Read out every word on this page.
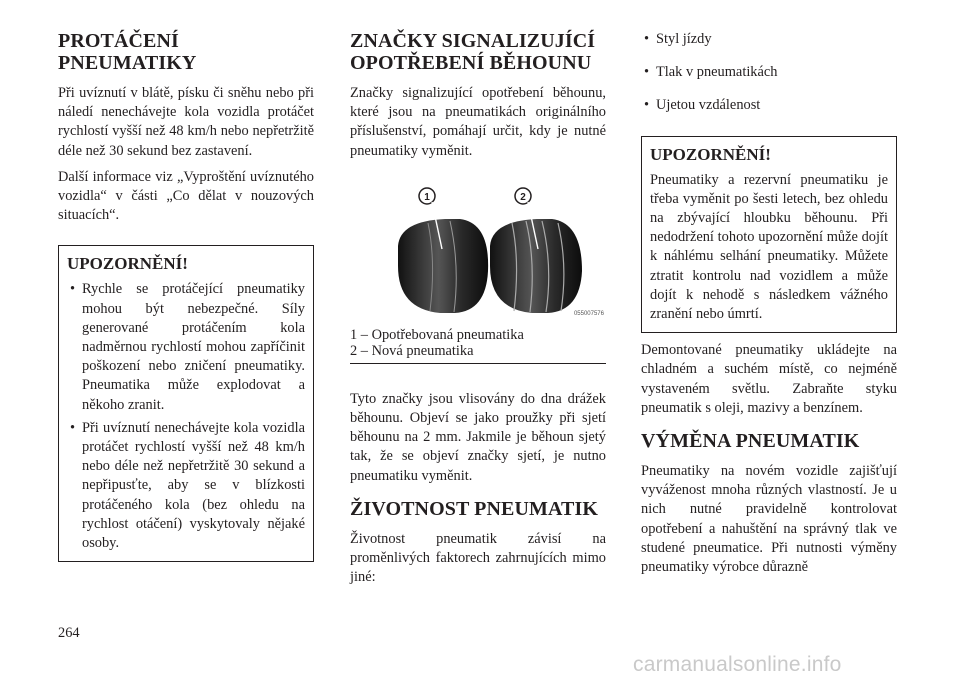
PROTÁČENÍ
PNEUMATIKY

Při uvíznutí v blátě, písku či sněhu nebo při náledí nenechávejte kola vozidla protáčet rychlostí vyšší než 48 km/h nebo nepřetržitě déle než 30 sekund bez zastavení.

Další informace viz „Vyproštění uvíznutého vozidla“ v části „Co dělat v nouzových situacích“.

UPOZORNĚNÍ!
• Rychle se protáčející pneumatiky mohou být nebezpečné. Síly generované protáčením kola nadměrnou rychlostí mohou zapříčinit poškození nebo zničení pneumatiky. Pneumatika může explodovat a někoho zranit.
• Při uvíznutí nenechávejte kola vozidla protáčet rychlostí vyšší než 48 km/h nebo déle než nepřetržitě 30 sekund a nepřipusťte, aby se v blízkosti protáčeného kola (bez ohledu na rychlost otáčení) vyskytovaly nějaké osoby.
ZNAČKY SIGNALIZUJÍCÍ
OPOTŘEBENÍ BĚHOUNU

Značky signalizující opotřebení běhounu, které jsou na pneumatikách originálního příslušenství, pomáhají určit, kdy je nutné pneumatiky vyměnit.

1	2
055007576
1 – Opotřebovaná pneumatika
2 – Nová pneumatika

Tyto značky jsou vlisovány do dna drážek běhounu. Objeví se jako proužky při sjetí běhounu na 2 mm. Jakmile je běhoun sjetý tak, že se objeví značky sjetí, je nutno pneumatiku vyměnit.

ŽIVOTNOST PNEUMATIK

Životnost pneumatik závisí na proměnlivých faktorech zahrnujících mimo jiné:

• Styl jízdy
• Tlak v pneumatikách
• Ujetou vzdálenost
UPOZORNĚNÍ!

Pneumatiky a rezervní pneumatiku je třeba vyměnit po šesti letech, bez ohledu na zbývající hloubku běhounu. Při nedodržení tohoto upozornění může dojít k náhlému selhání pneumatiky. Můžete ztratit kontrolu nad vozidlem a může dojít k nehodě s následkem vážného zranění nebo úmrtí.

Demontované pneumatiky ukládejte na chladném a suchém místě, co nejméně vystaveném světlu. Zabraňte styku pneumatik s oleji, mazivy a benzínem.

VÝMĚNA PNEUMATIK

Pneumatiky na novém vozidle zajišťují vyváženost mnoha různých vlastností. Je u nich nutné pravidelně kontrolovat opotřebení a nahuštění na správný tlak ve studené pneumatice. Při nutnosti výměny pneumatiky výrobce důrazně

264
carmanualsonline.info
